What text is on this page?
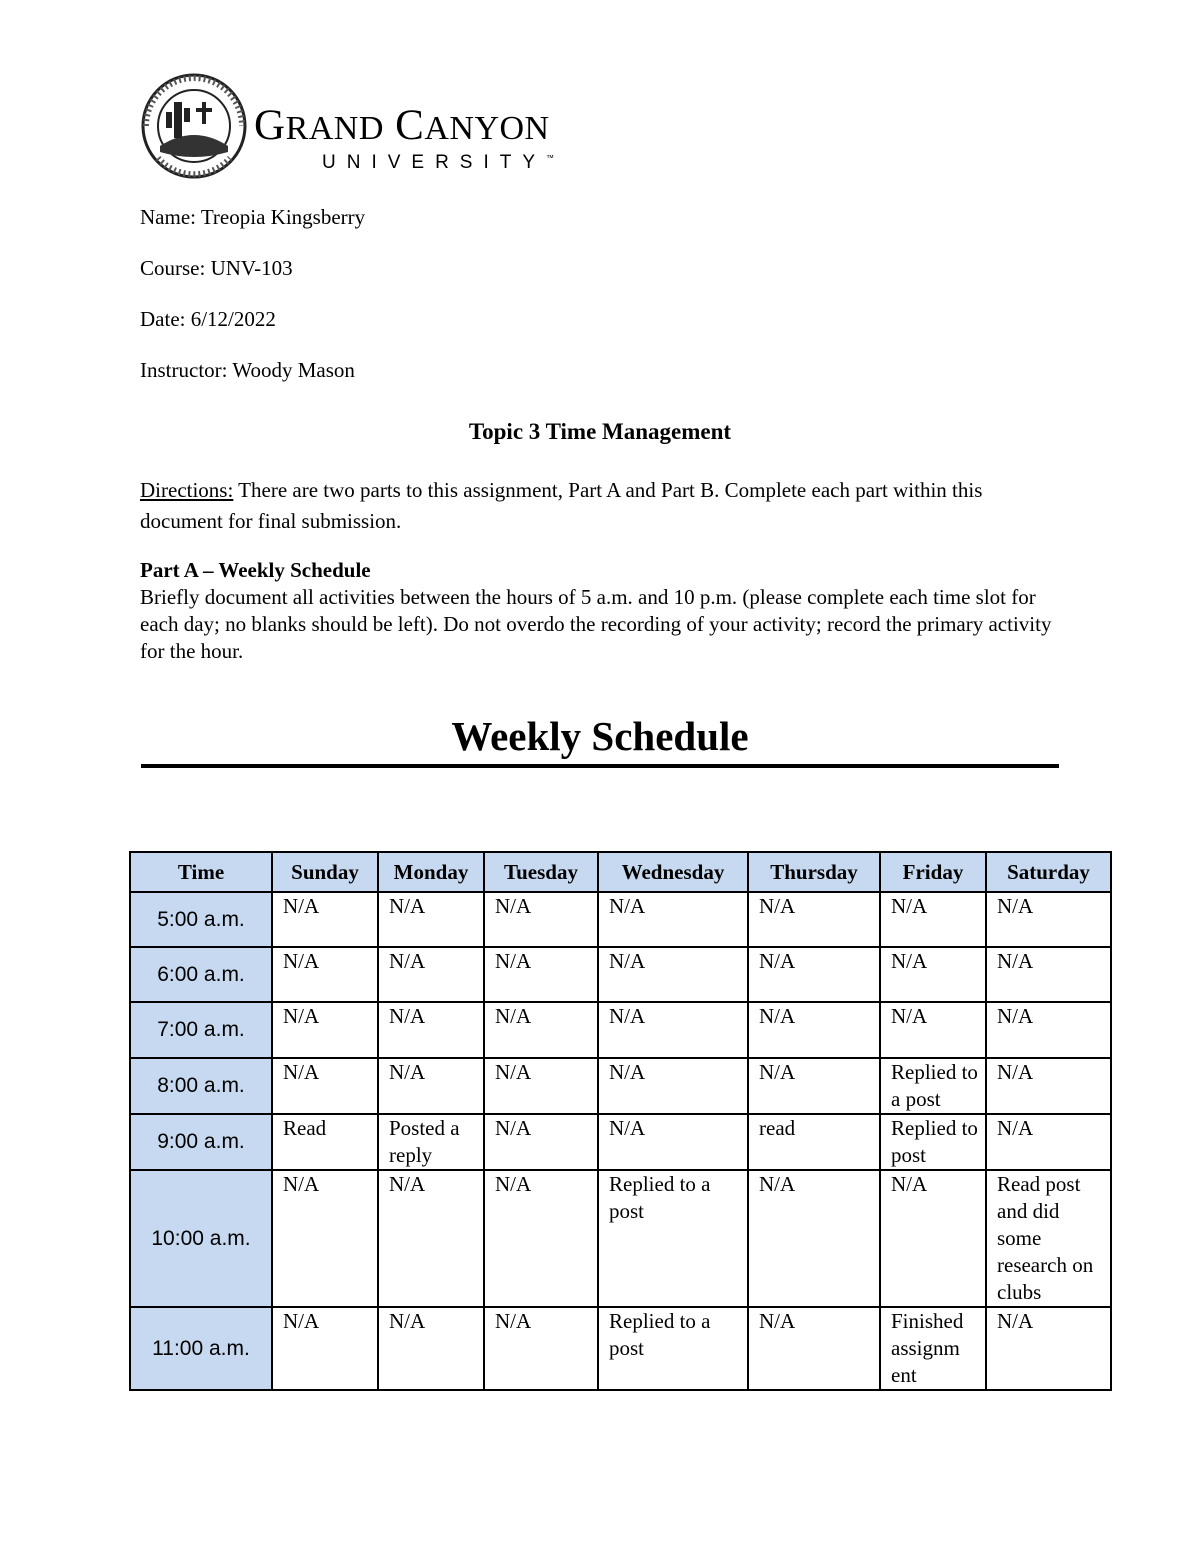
GRAND CANYON
UNIVERSITY™
Name: Treopia Kingsberry
Course: UNV-103
Date: 6/12/2022
Instructor: Woody Mason
Topic 3 Time Management
Directions: There are two parts to this assignment, Part A and Part B. Complete each part within this document for final submission.
Part A – Weekly Schedule
Briefly document all activities between the hours of 5 a.m. and 10 p.m. (please complete each time slot for each day; no blanks should be left). Do not overdo the recording of your activity; record the primary activity for the hour.
Weekly Schedule
Time	Sunday	Monday	Tuesday	Wednesday	Thursday	Friday	Saturday
5:00 a.m.	N/A	N/A	N/A	N/A	N/A	N/A	N/A
6:00 a.m.	N/A	N/A	N/A	N/A	N/A	N/A	N/A
7:00 a.m.	N/A	N/A	N/A	N/A	N/A	N/A	N/A
8:00 a.m.	N/A	N/A	N/A	N/A	N/A	Replied to a post	N/A
9:00 a.m.	Read	Posted a reply	N/A	N/A	read	Replied to post	N/A
10:00 a.m.	N/A	N/A	N/A	Replied to a post	N/A	N/A	Read post and did some research on clubs
11:00 a.m.	N/A	N/A	N/A	Replied to a post	N/A	Finished assignm ent	N/A
